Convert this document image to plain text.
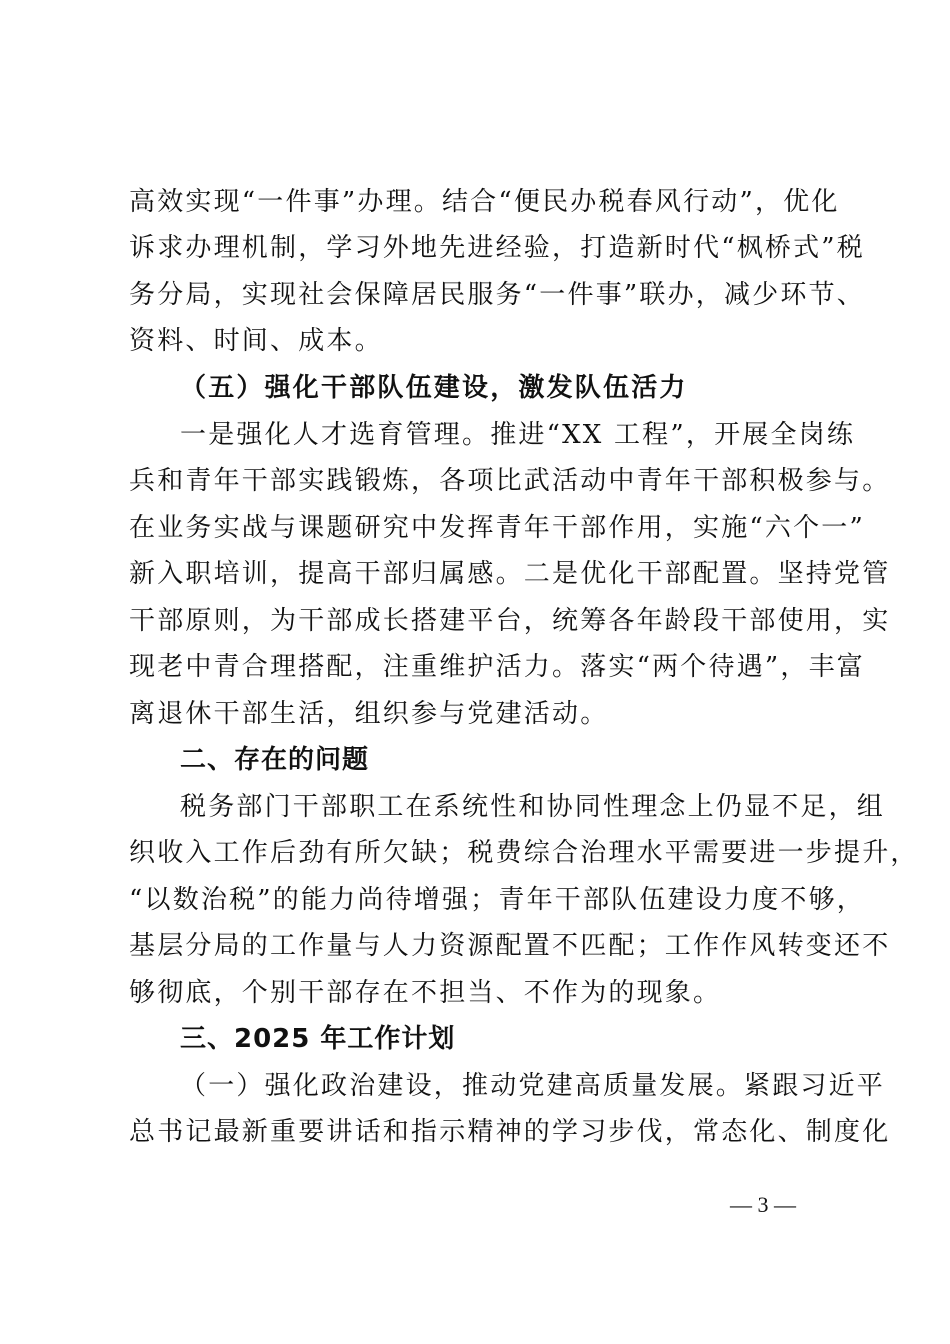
高效实现“一件事”办理。结合“便民办税春风行动”，优化
诉求办理机制，学习外地先进经验，打造新时代“枫桥式”税
务分局，实现社会保障居民服务“一件事”联办，减少环节、
资料、时间、成本。
（五）强化干部队伍建设，激发队伍活力
一是强化人才选育管理。推进“XX 工程”，开展全岗练
兵和青年干部实践锻炼，各项比武活动中青年干部积极参与。
在业务实战与课题研究中发挥青年干部作用，实施“六个一”
新入职培训，提高干部归属感。二是优化干部配置。坚持党管
干部原则，为干部成长搭建平台，统筹各年龄段干部使用，实
现老中青合理搭配，注重维护活力。落实“两个待遇”，丰富
离退休干部生活，组织参与党建活动。
二、存在的问题
税务部门干部职工在系统性和协同性理念上仍显不足，组
织收入工作后劲有所欠缺；税费综合治理水平需要进一步提升，
“以数治税”的能力尚待增强；青年干部队伍建设力度不够，
基层分局的工作量与人力资源配置不匹配；工作作风转变还不
够彻底，个别干部存在不担当、不作为的现象。
三、2025 年工作计划
（一）强化政治建设，推动党建高质量发展。紧跟习近平
总书记最新重要讲话和指示精神的学习步伐，常态化、制度化
— 3 —
